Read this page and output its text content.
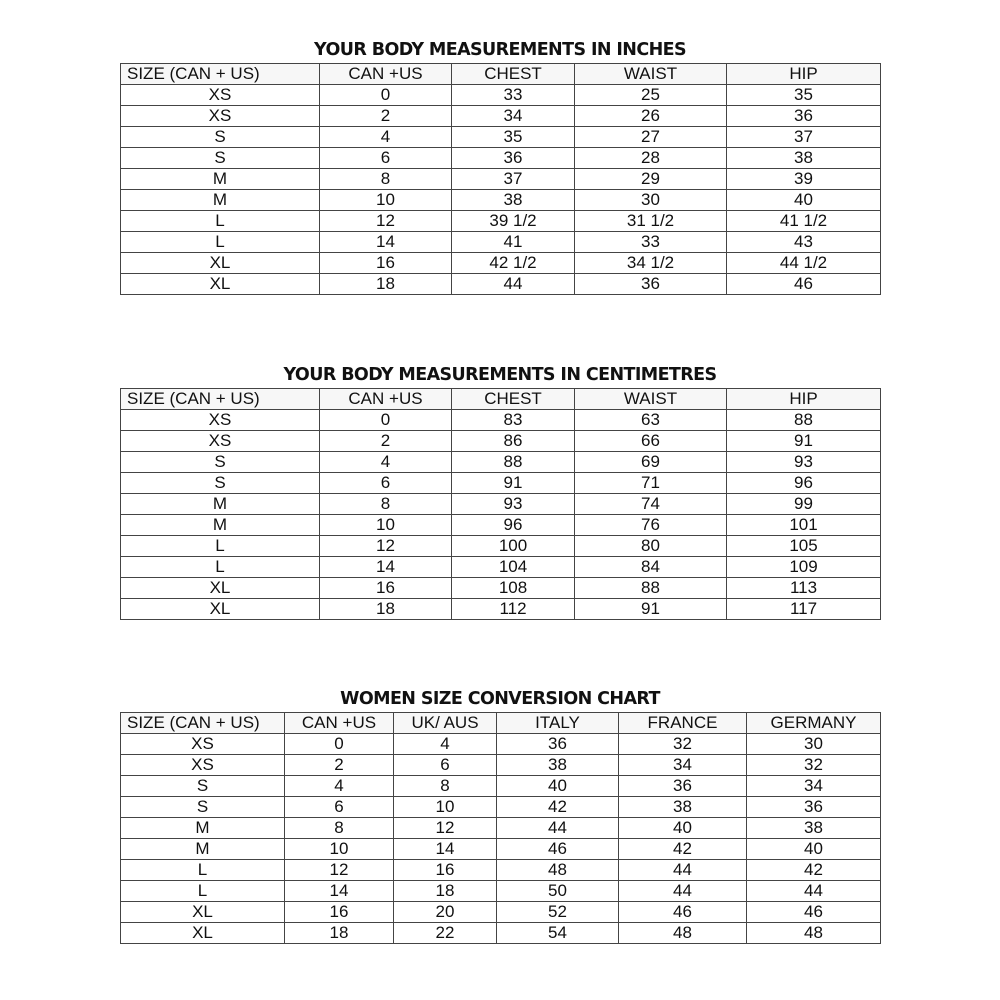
YOUR BODY MEASUREMENTS IN INCHES
SIZE (CAN + US)	CAN +US	CHEST	WAIST	HIP
XS	0	33	25	35
XS	2	34	26	36
S	4	35	27	37
S	6	36	28	38
M	8	37	29	39
M	10	38	30	40
L	12	39 1/2	31 1/2	41 1/2
L	14	41	33	43
XL	16	42 1/2	34 1/2	44 1/2
XL	18	44	36	46
YOUR BODY MEASUREMENTS IN CENTIMETRES
SIZE (CAN + US)	CAN +US	CHEST	WAIST	HIP
XS	0	83	63	88
XS	2	86	66	91
S	4	88	69	93
S	6	91	71	96
M	8	93	74	99
M	10	96	76	101
L	12	100	80	105
L	14	104	84	109
XL	16	108	88	113
XL	18	112	91	117
WOMEN SIZE CONVERSION CHART
SIZE (CAN + US)	CAN +US	UK/ AUS	ITALY	FRANCE	GERMANY
XS	0	4	36	32	30
XS	2	6	38	34	32
S	4	8	40	36	34
S	6	10	42	38	36
M	8	12	44	40	38
M	10	14	46	42	40
L	12	16	48	44	42
L	14	18	50	44	44
XL	16	20	52	46	46
XL	18	22	54	48	48
